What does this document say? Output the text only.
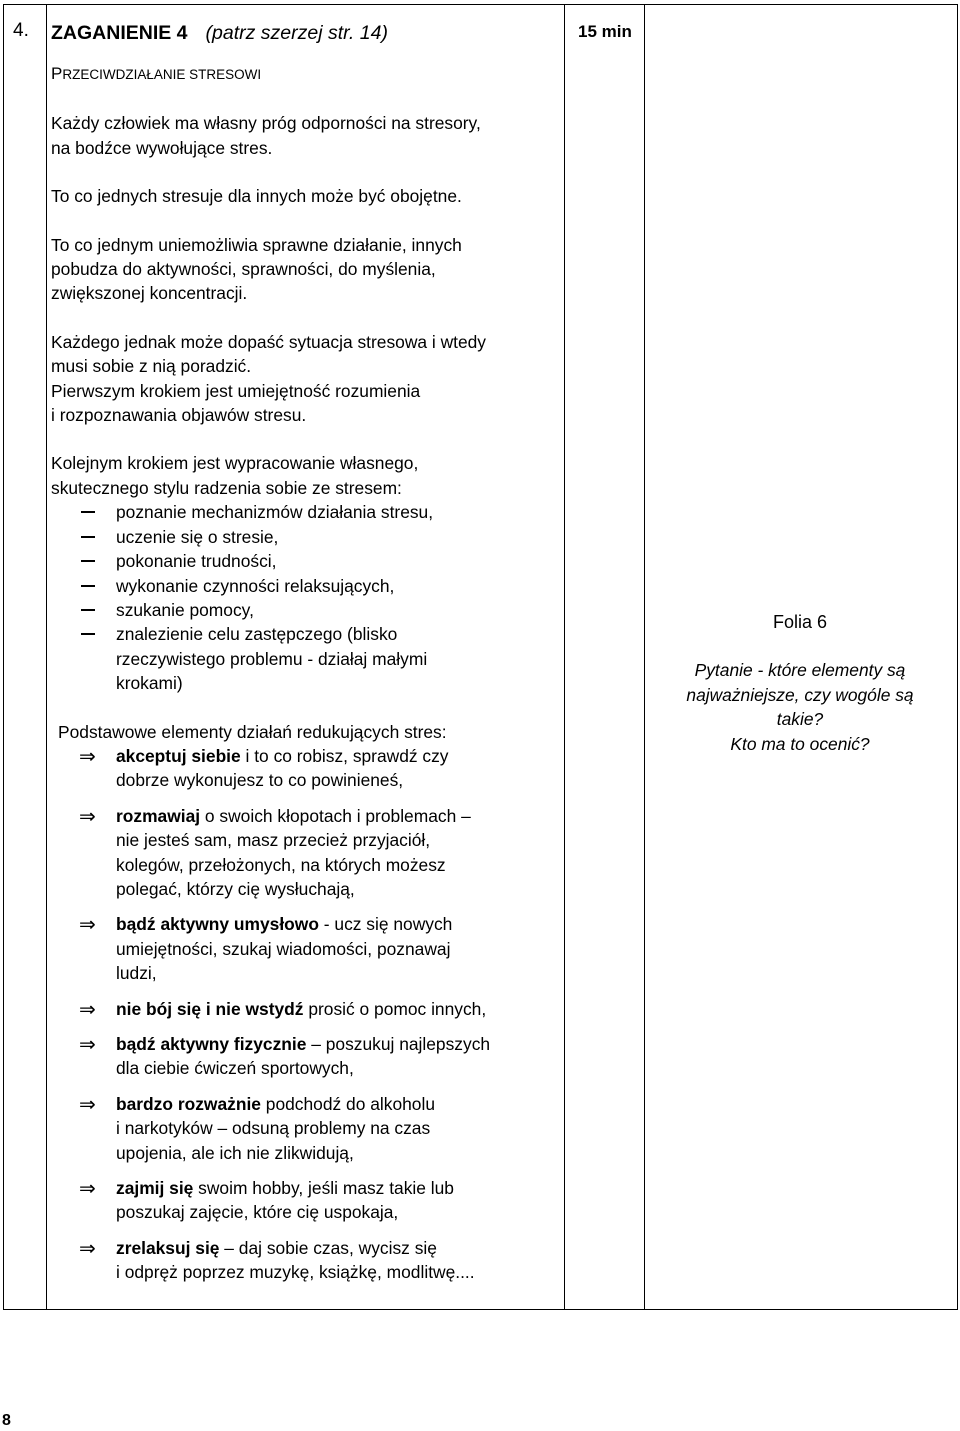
4.	15 min

ZAGANIENIE 4 (patrz szerzej str. 14)

PRZECIWDZIAŁANIE STRESOWI

Każdy człowiek ma własny próg odporności na stresory,
na bodźce wywołujące stres.

To co jednych stresuje dla innych może być obojętne.

To co jednym uniemożliwia sprawne działanie, innych
pobudza do aktywności, sprawności, do myślenia,
zwiększonej koncentracji.

Każdego jednak może dopaść sytuacja stresowa i wtedy
musi sobie z nią poradzić.
Pierwszym krokiem jest umiejętność rozumienia
i rozpoznawania objawów stresu.

Kolejnym krokiem jest wypracowanie własnego,
skutecznego stylu radzenia sobie ze stresem:
poznanie mechanizmów działania stresu,
uczenie się o stresie,
pokonanie trudności,
wykonanie czynności relaksujących,
szukanie pomocy,
znalezienie celu zastępczego (blisko
rzeczywistego problemu - działaj małymi
krokami)
Podstawowe elementy działań redukujących stres:
⇒ akceptuj siebie i to co robisz, sprawdź czy
dobrze wykonujesz to co powinieneś,
⇒ rozmawiaj o swoich kłopotach i problemach –
nie jesteś sam, masz przecież przyjaciół,
kolegów, przełożonych, na których możesz
polegać, którzy cię wysłuchają,
⇒ bądź aktywny umysłowo - ucz się nowych
umiejętności, szukaj wiadomości, poznawaj
ludzi,
⇒ nie bój się i nie wstydź prosić o pomoc innych,
⇒ bądź aktywny fizycznie – poszukuj najlepszych
dla ciebie ćwiczeń sportowych,
⇒ bardzo rozważnie podchodź do alkoholu
i narkotyków – odsuną problemy na czas
upojenia, ale ich nie zlikwidują,
⇒ zajmij się swoim hobby, jeśli masz takie lub
poszukaj zajęcie, które cię uspokaja,
⇒ zrelaksuj się – daj sobie czas, wycisz się
i odpręż poprzez muzykę, książkę, modlitwę....

Folia 6

Pytanie - które elementy są
najważniejsze, czy wogóle są
takie?
Kto ma to ocenić?
8
